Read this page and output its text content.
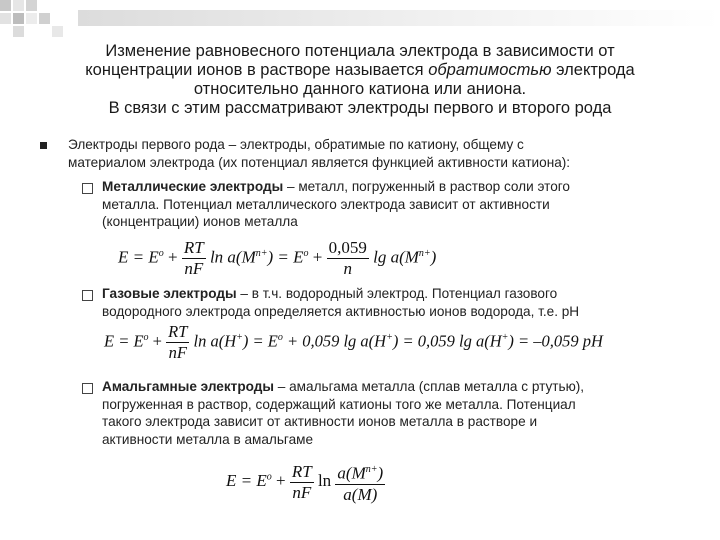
Изменение равновесного потенциала электрода в зависимости от
концентрации ионов в растворе называется обратимостью электрода
относительно данного катиона или аниона.
В связи с этим рассматривают электроды первого и второго рода
Электроды первого рода – электроды, обратимые по катиону, общему с
материалом электрода (их потенциал является функцией активности катиона):
Металлические электроды – металл, погруженный в раствор соли этого
металла. Потенциал металлического электрода зависит от активности
(концентрации) ионов металла
$E = E^o + \frac{RT}{nF}$ $\ln a(M^{n+}) = E^o + \frac{0,059}{n}$ $\lg a(M^{n+})$
Газовые электроды – в т.ч. водородный электрод. Потенциал газового
водородного электрода определяется активностью ионов водорода, т.е. pH
$E = E^o + \frac{RT}{nF}$ $\ln a(H^+) = E^o + 0,059$ lg a(H+) = 0,059 lg a(H+) = –0,059 pH
Амальгамные электроды – амальгама металла (сплав металла с ртутью),
погруженная в раствор, содержащий катионы того же металла. Потенциал
такого электрода зависит от активности ионов металла в растворе и
активности металла в амальгаме
$E = E^o + \frac{RT}{nF}$ $\ln \frac{a(M^{n+})}{a(M)}$
